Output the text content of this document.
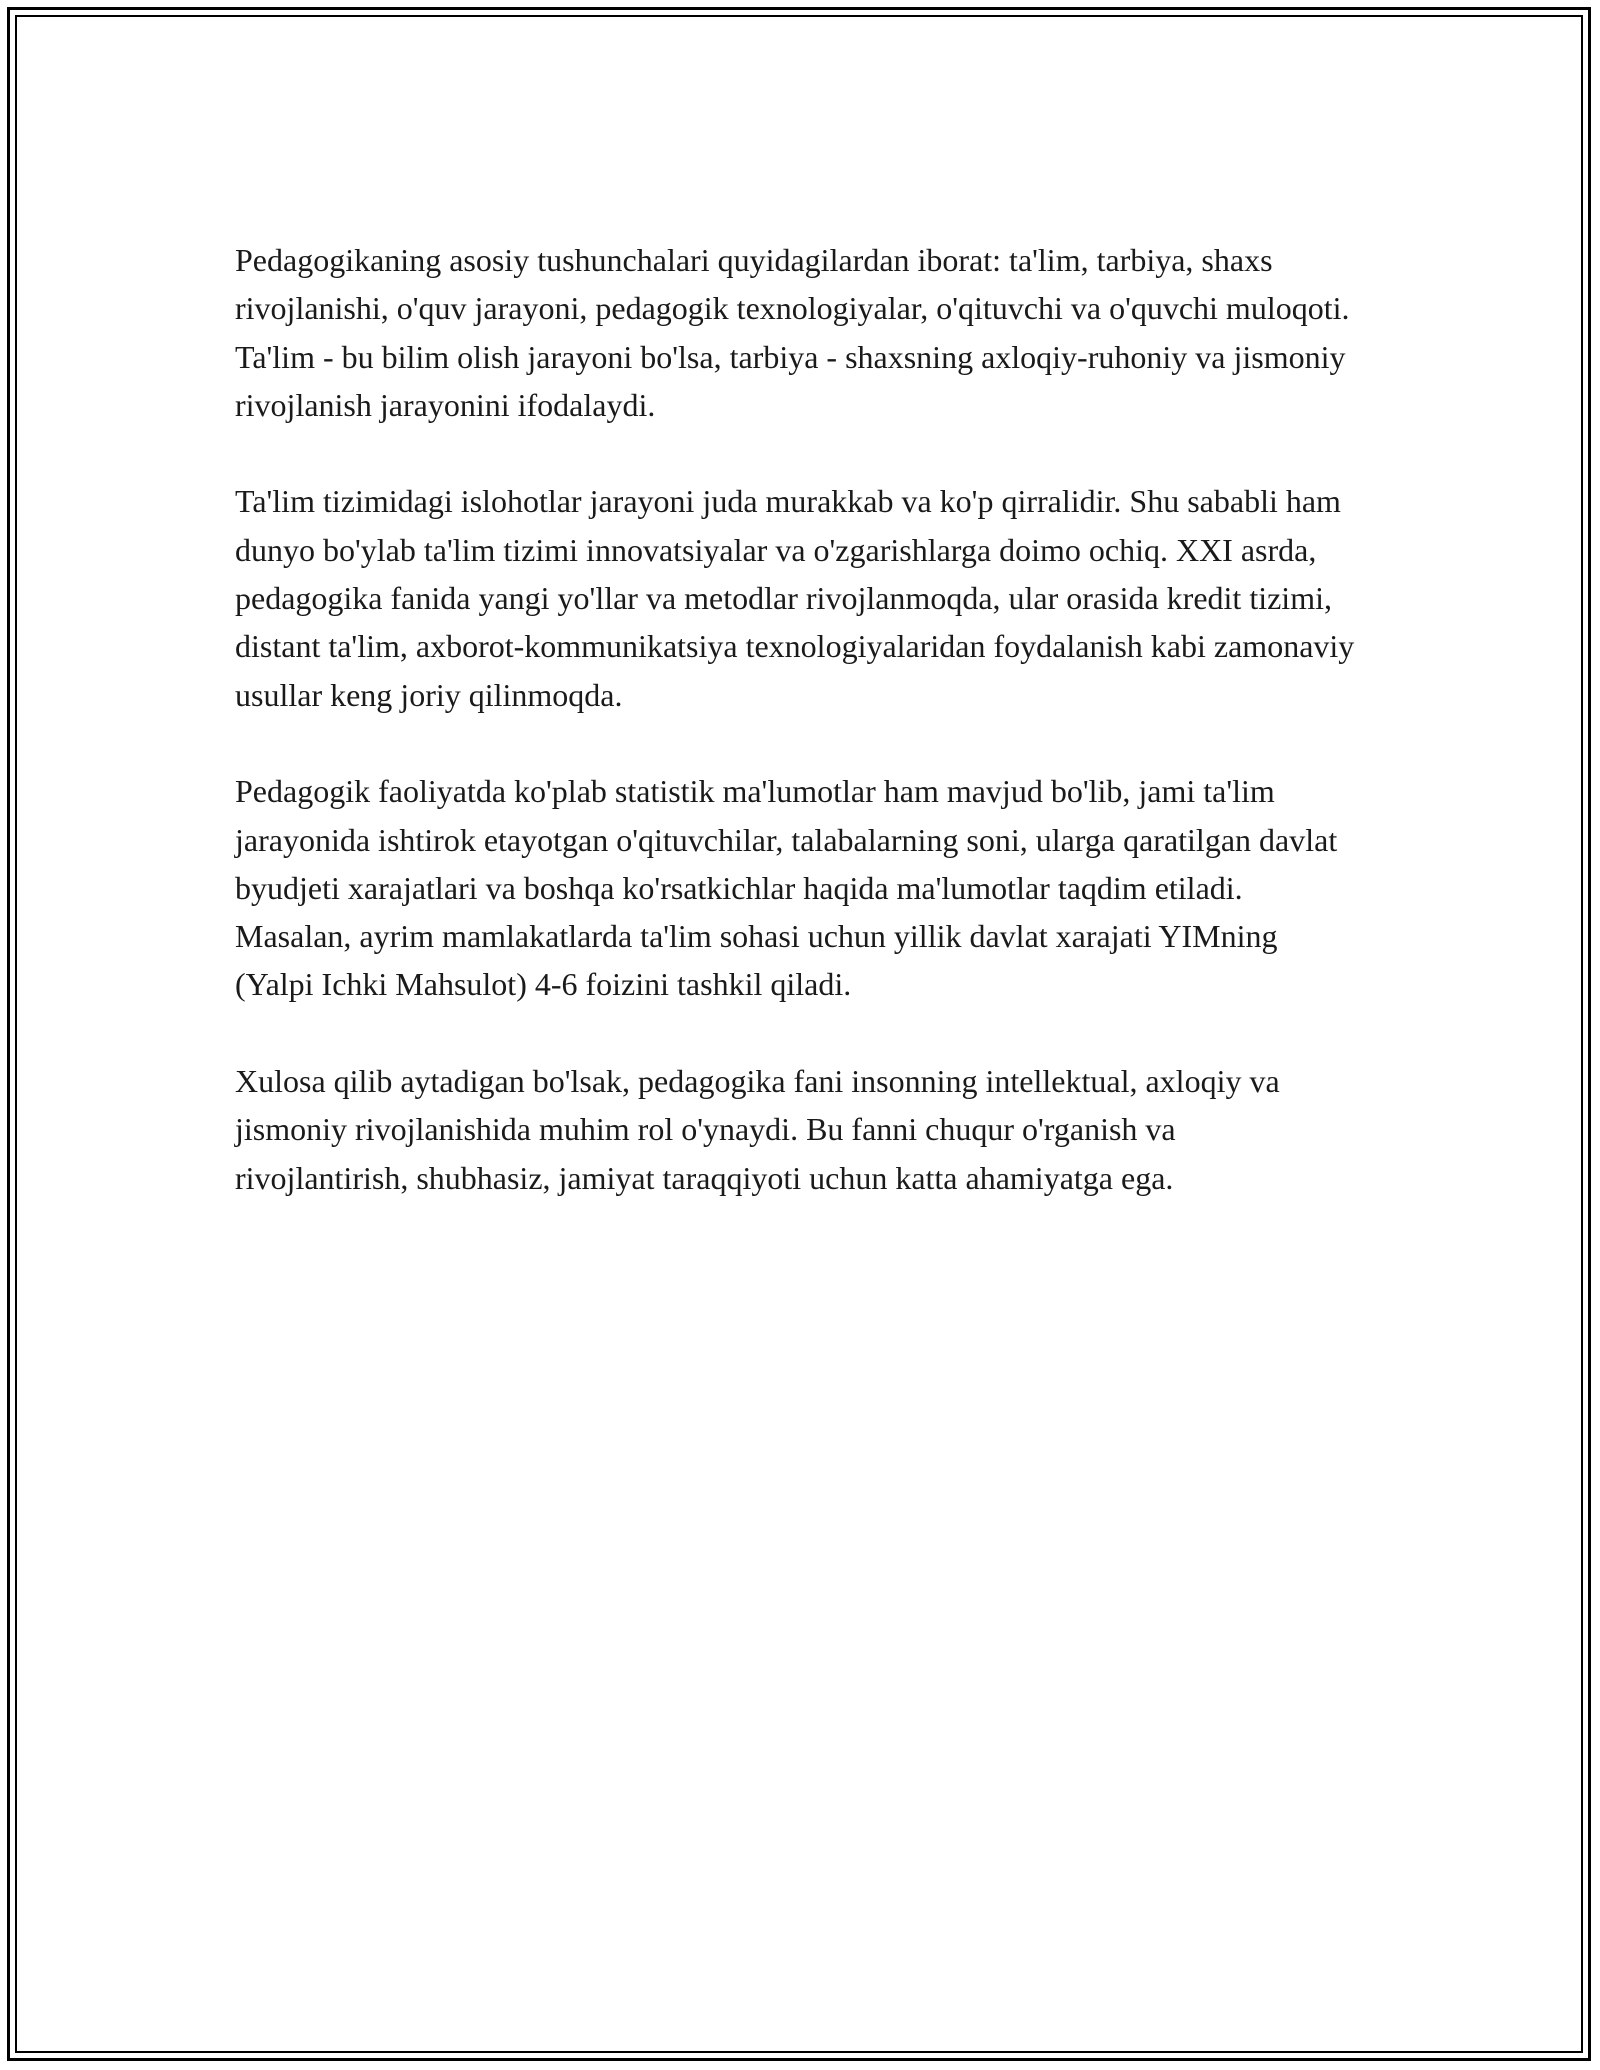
Pedagogikaning asosiy tushunchalari quyidagilardan iborat: ta'lim, tarbiya, shaxs rivojlanishi, o'quv jarayoni, pedagogik texnologiyalar, o'qituvchi va o'quvchi muloqoti. Ta'lim - bu bilim olish jarayoni bo'lsa, tarbiya - shaxsning axloqiy-ruhoniy va jismoniy rivojlanish jarayonini ifodalaydi.

Ta'lim tizimidagi islohotlar jarayoni juda murakkab va ko'p qirralidir. Shu sababli ham dunyo bo'ylab ta'lim tizimi innovatsiyalar va o'zgarishlarga doimo ochiq. XXI asrda, pedagogika fanida yangi yo'llar va metodlar rivojlanmoqda, ular orasida kredit tizimi, distant ta'lim, axborot-kommunikatsiya texnologiyalaridan foydalanish kabi zamonaviy usullar keng joriy qilinmoqda.

Pedagogik faoliyatda ko'plab statistik ma'lumotlar ham mavjud bo'lib, jami ta'lim jarayonida ishtirok etayotgan o'qituvchilar, talabalarning soni, ularga qaratilgan davlat byudjeti xarajatlari va boshqa ko'rsatkichlar haqida ma'lumotlar taqdim etiladi. Masalan, ayrim mamlakatlarda ta'lim sohasi uchun yillik davlat xarajati YIMning (Yalpi Ichki Mahsulot) 4-6 foizini tashkil qiladi.

Xulosa qilib aytadigan bo'lsak, pedagogika fani insonning intellektual, axloqiy va jismoniy rivojlanishida muhim rol o'ynaydi. Bu fanni chuqur o'rganish va rivojlantirish, shubhasiz, jamiyat taraqqiyoti uchun katta ahamiyatga ega.
